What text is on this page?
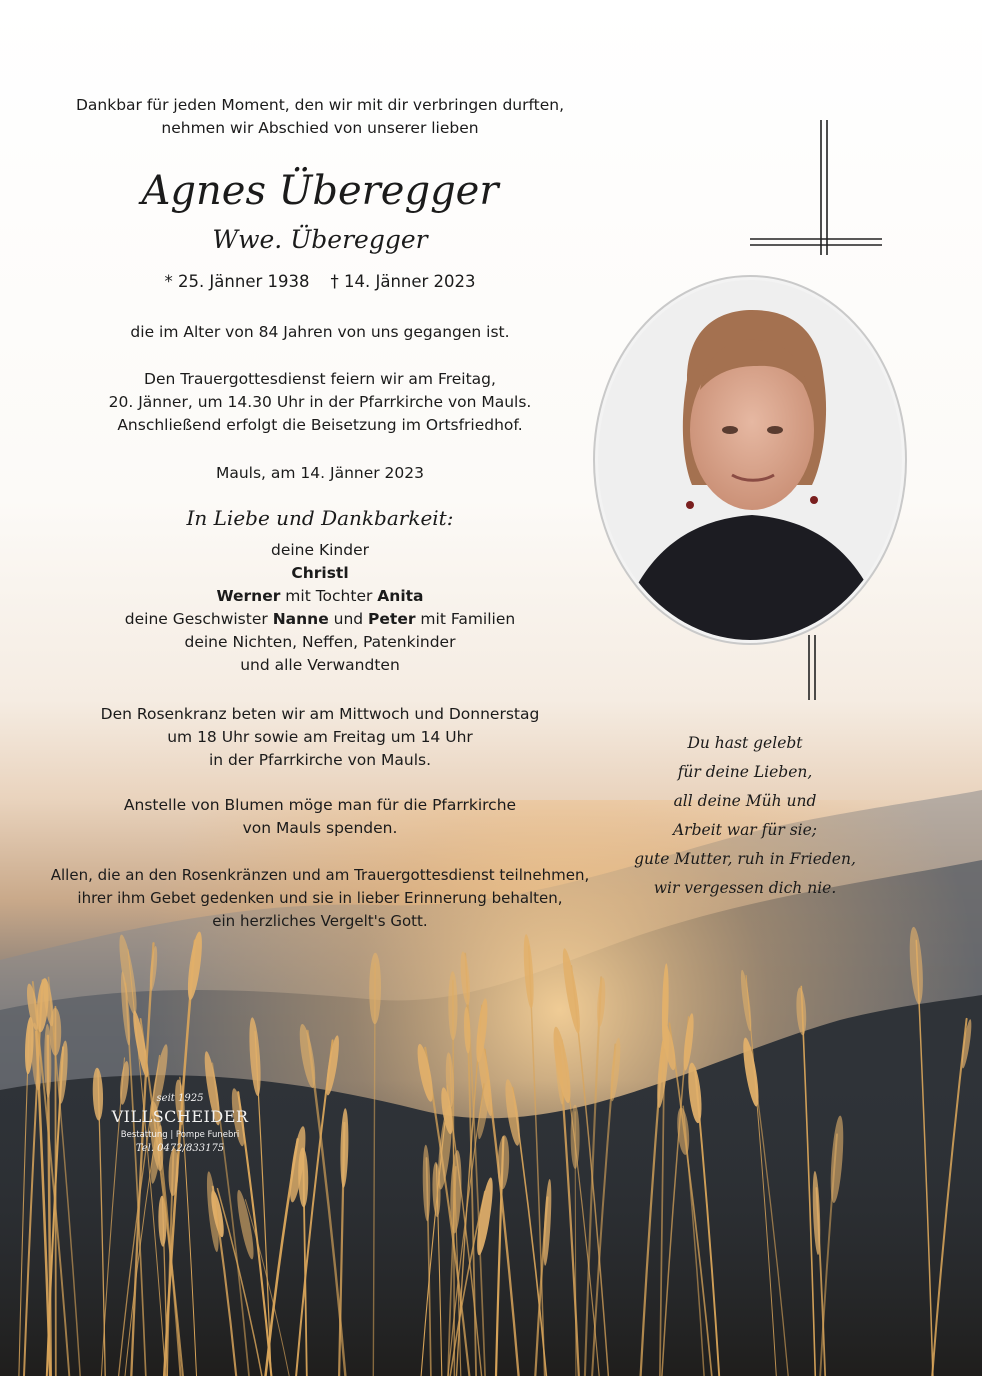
Dankbar für jeden Moment, den wir mit dir verbringen durften,
nehmen wir Abschied von unserer lieben
Agnes Überegger
Wwe. Überegger
* 25. Jänner 1938 † 14. Jänner 2023
die im Alter von 84 Jahren von uns gegangen ist.
Den Trauergottesdienst feiern wir am Freitag,
20. Jänner, um 14.30 Uhr in der Pfarrkirche von Mauls.
Anschließend erfolgt die Beisetzung im Ortsfriedhof.
Mauls, am 14. Jänner 2023
In Liebe und Dankbarkeit:
deine Kinder
Christl
Werner mit Tochter Anita
deine Geschwister Nanne und Peter mit Familien
deine Nichten, Neffen, Patenkinder
und alle Verwandten
Den Rosenkranz beten wir am Mittwoch und Donnerstag
um 18 Uhr sowie am Freitag um 14 Uhr
in der Pfarrkirche von Mauls.
Anstelle von Blumen möge man für die Pfarrkirche
von Mauls spenden.
Allen, die an den Rosenkränzen und am Trauergottesdienst teilnehmen,
ihrer ihm Gebet gedenken und sie in lieber Erinnerung behalten,
ein herzliches Vergelt's Gott.
Du hast gelebt
für deine Lieben,
all deine Müh und
Arbeit war für sie;
gute Mutter, ruh in Frieden,
wir vergessen dich nie.
seit 1925
VILLSCHEIDER
Bestattung | Pompe Funebri
Tel. 0472/833175
